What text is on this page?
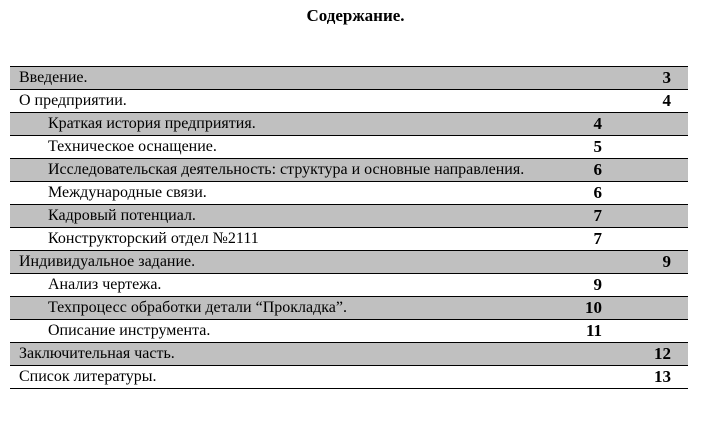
Содержание.
Введение.	3
О предприятии.	4
Краткая история предприятия.	4
Техническое оснащение.	5
Исследовательская деятельность: структура и основные направления.	6
Международные связи.	6
Кадровый потенциал.	7
Конструкторский отдел №2111	7
Индивидуальное задание.	9
Анализ чертежа.	9
Техпроцесс обработки детали “Прокладка”.	10
Описание инструмента.	11
Заключительная часть.	12
Список литературы.	13
